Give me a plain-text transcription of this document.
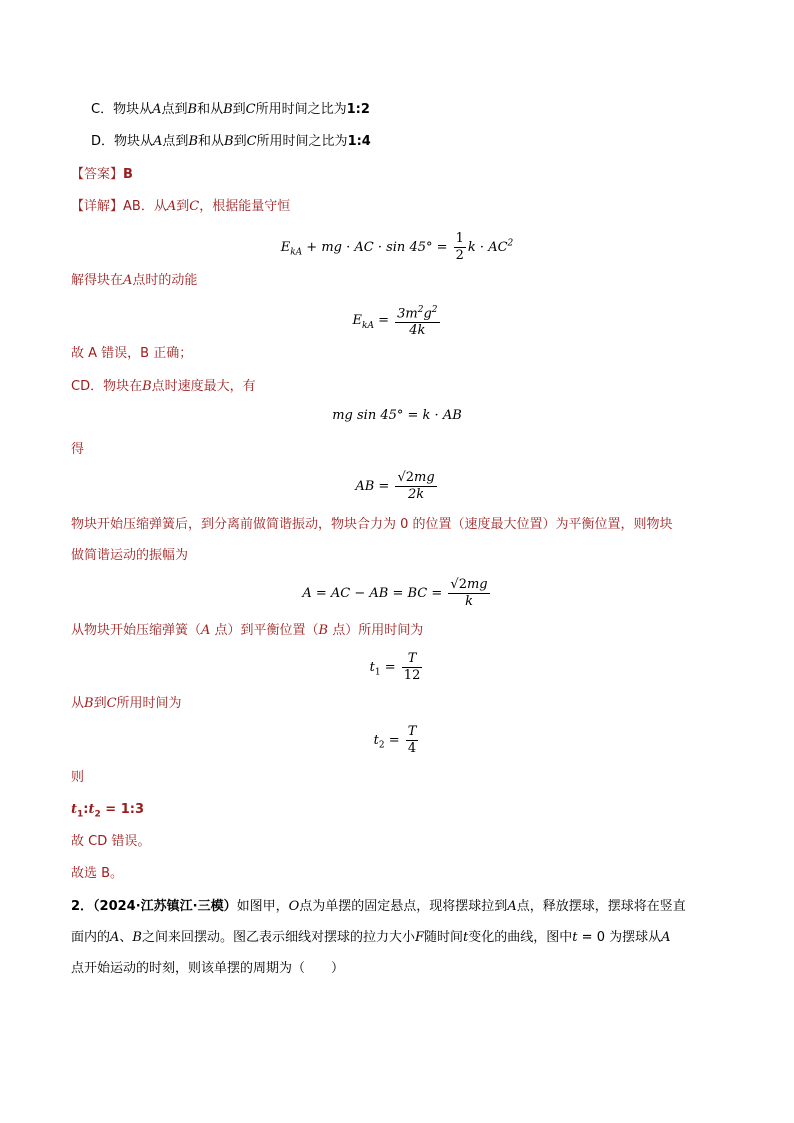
C．物块从A点到B和从B到C所用时间之比为1:2
D．物块从A点到B和从B到C所用时间之比为1:4
【答案】B
【详解】AB．从A到C，根据能量守恒
$E_{kA}$ + mg · AC · $\sin 45^\circ = \frac{1}{2}$ $k \cdot AC^2$
解得块在A点时的动能
$E_{kA} = \frac{3m^2g^2}{4k}$
故 A 错误，B 正确；
CD．物块在B点时速度最大，有
mg sin 45° = k · AB
得
AB = $\frac{√2mg}{2k}$
物块开始压缩弹簧后，到分离前做简谐振动，物块合力为 0 的位置（速度最大位置）为平衡位置，则物块
做简谐运动的振幅为
A = AC − AB = BC = $\frac{√2mg}{k}$
从物块开始压缩弹簧（A 点）到平衡位置（B 点）所用时间为
$t_1 = \frac{T}{12}$
从B到C所用时间为
$t_2 = \frac{T}{4}$
则
$t_1:t_2$ = 1:3
故 CD 错误。
故选 B。
2．（2024·江苏镇江·三模）如图甲，O点为单摆的固定悬点，现将摆球拉到A点，释放摆球，摆球将在竖直
面内的A、B之间来回摆动。图乙表示细线对摆球的拉力大小F随时间t变化的曲线，图中t = 0 为摆球从A
点开始运动的时刻，则该单摆的周期为（　　）
